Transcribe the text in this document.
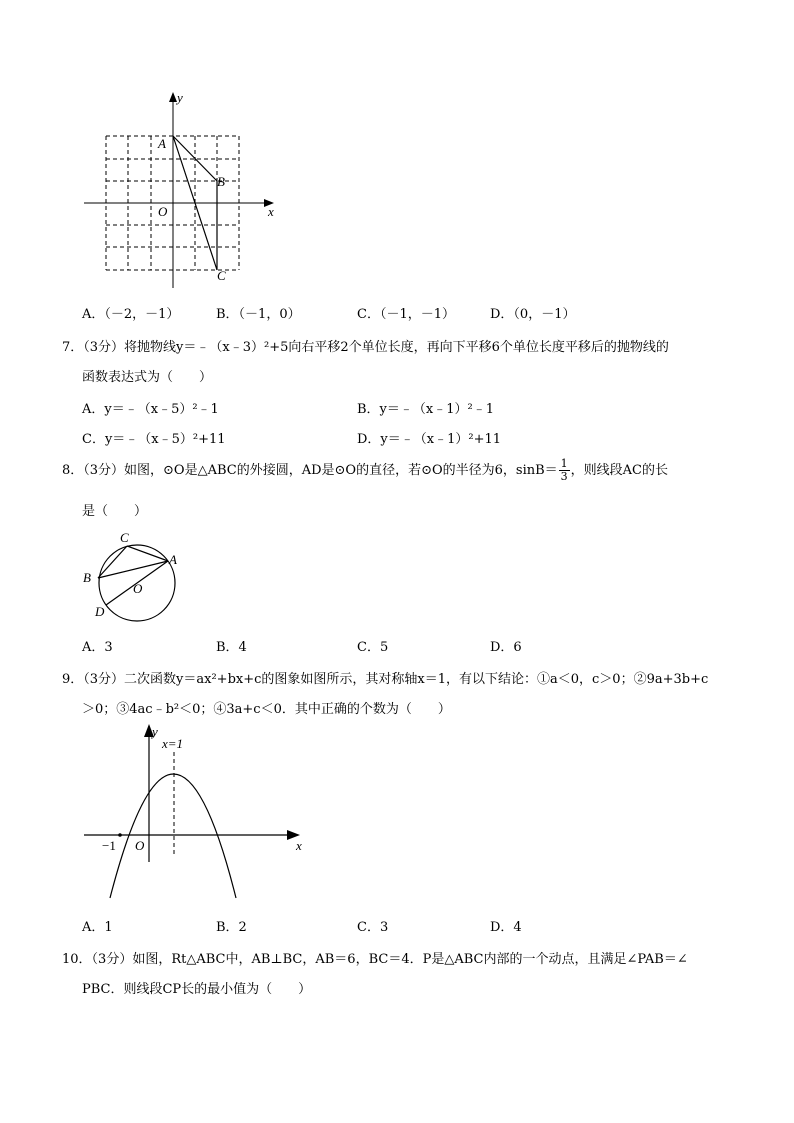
y
x
A
B
C
O
A．（－2，－1）	B．（－1，0）	C．（－1，－1）	D．（0，－1）
7．（3分）将抛物线y＝﹣（x﹣3）²+5向右平移2个单位长度，再向下平移6个单位长度平移后的抛物线的
函数表达式为（　　）
A．y＝﹣（x﹣5）²﹣1	B．y＝﹣（x﹣1）²﹣1
C．y＝﹣（x﹣5）²+11	D．y＝﹣（x﹣1）²+11
8．（3分）如图，⊙O是△ABC的外接圆，AD是⊙O的直径，若⊙O的半径为6，$\sin B= \frac{1}{3}$ ，则线段AC的长
是（　　）
C
A
B
O
D
A．3	B．4	C．5	D．6
9．（3分）二次函数y＝ax²+bx+c的图象如图所示，其对称轴x＝1，有以下结论：①a＜0，c＞0；②9a+3b+c
＞0；③4ac﹣b²＜0；④3a+c＜0．其中正确的个数为（　　）
y
x=1
−1 O	x
A．1	B．2	C．3	D．4
10．（3分）如图，Rt△ABC中，AB⊥BC，AB＝6，BC＝4．P是△ABC内部的一个动点，且满足∠PAB＝∠
PBC．则线段CP长的最小值为（　　）
